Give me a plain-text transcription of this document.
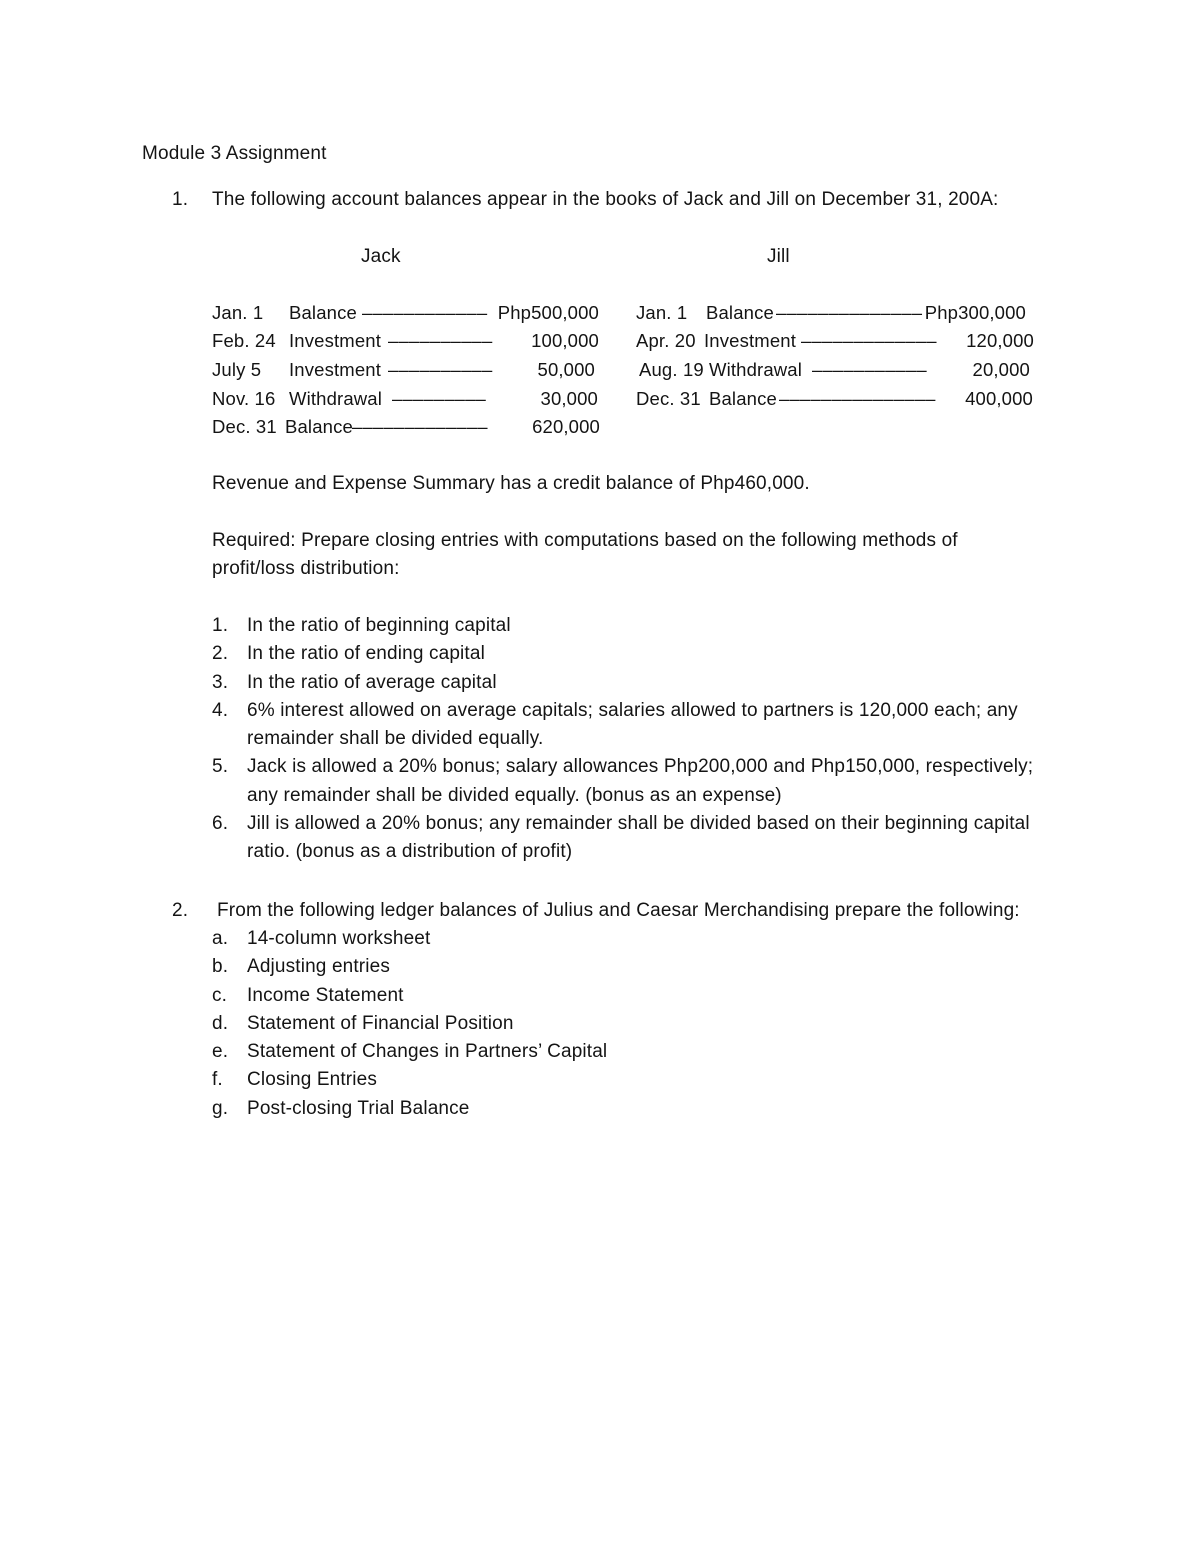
Module 3 Assignment
1. The following account balances appear in the books of Jack and Jill on December 31, 200A:
Jack	Jill
Jan. 1 Balance –––––––––––– Php500,000
Feb. 24 Investment ––––––––––	100,000
July 5 Investment ––––––––––	50,000
Nov. 16 Withdrawal –––––––––	30,000
Dec. 31 Balance –––––––––––––	620,000
Jan. 1 Balance –––––––––––––– Php300,000
Apr. 20 Investment –––––––––––––	120,000
Aug. 19 Withdrawal –––––––––––	20,000
Dec. 31 Balance –––––––––––––––	400,000
Revenue and Expense Summary has a credit balance of Php460,000.
Required: Prepare closing entries with computations based on the following methods of
profit/loss distribution:
1. In the ratio of beginning capital
2. In the ratio of ending capital
3. In the ratio of average capital
4. 6% interest allowed on average capitals; salaries allowed to partners is 120,000 each; any remainder shall be divided equally.
5. Jack is allowed a 20% bonus; salary allowances Php200,000 and Php150,000, respectively; any remainder shall be divided equally. (bonus as an expense)
6. Jill is allowed a 20% bonus; any remainder shall be divided based on their beginning capital ratio. (bonus as a distribution of profit)
2. From the following ledger balances of Julius and Caesar Merchandising prepare the following:
a. 14-column worksheet
b. Adjusting entries
c. Income Statement
d. Statement of Financial Position
e. Statement of Changes in Partners’ Capital
f. Closing Entries
g. Post-closing Trial Balance
